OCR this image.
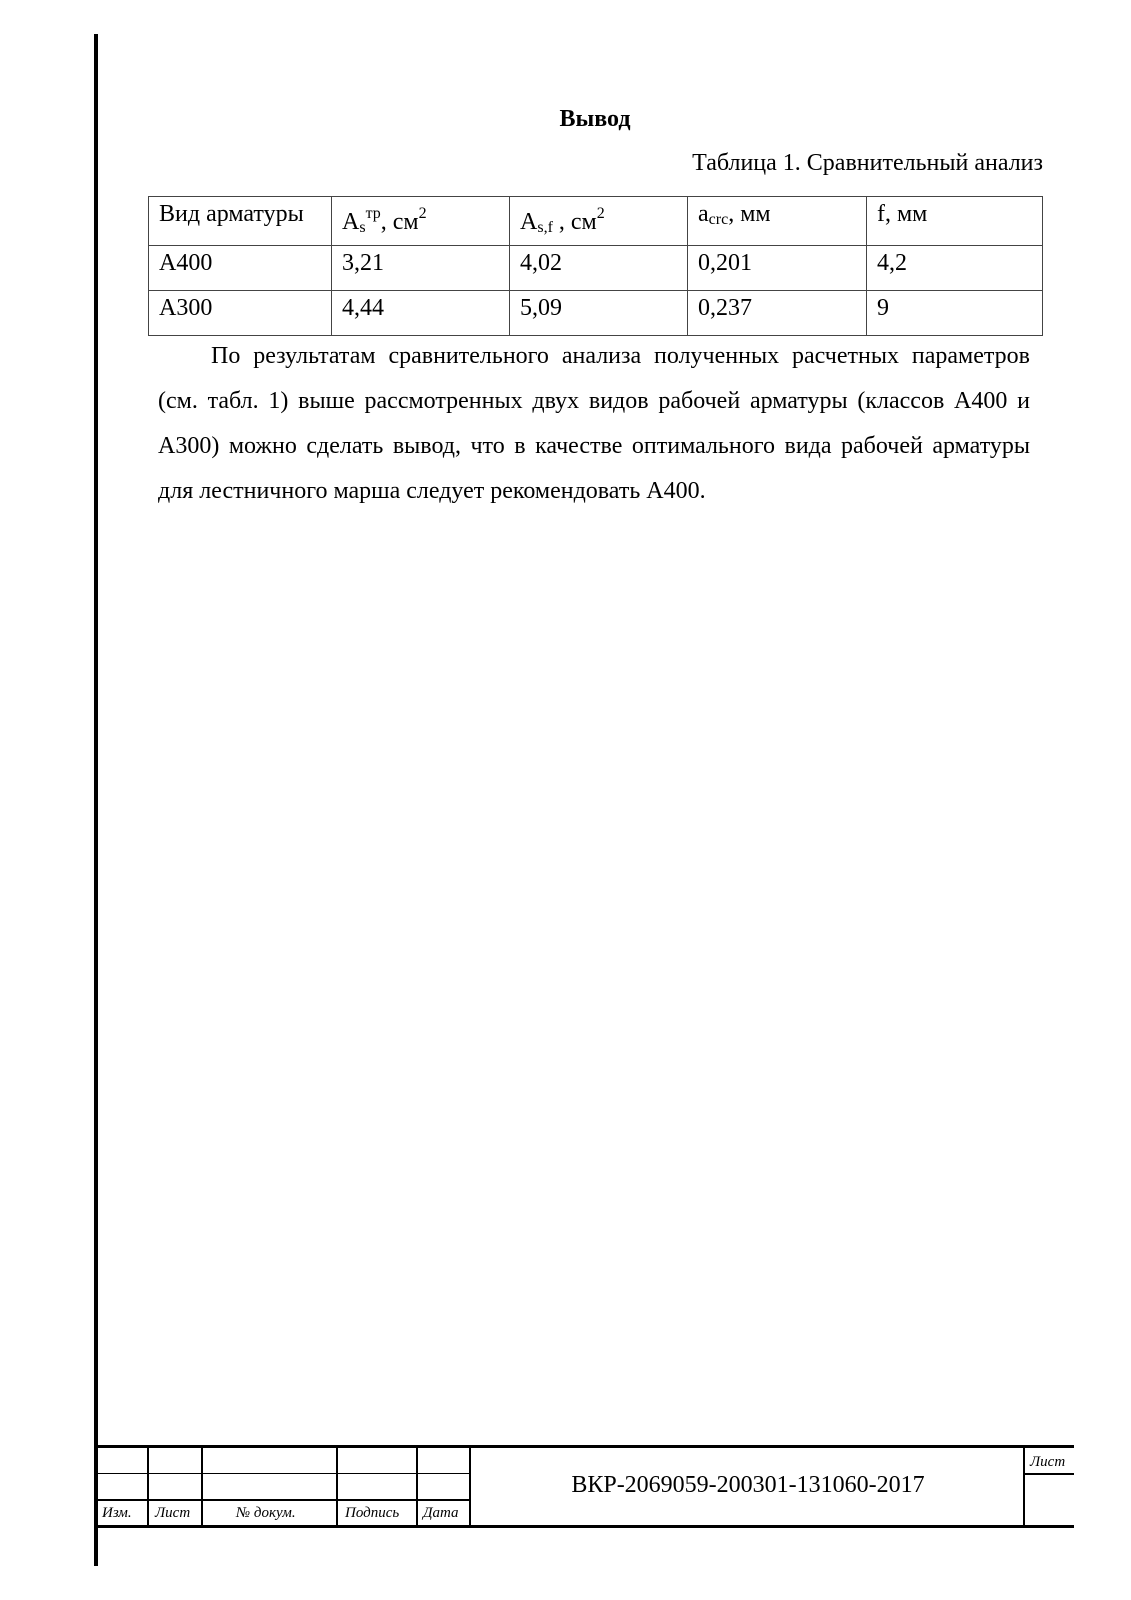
Вывод
Таблица 1. Сравнительный анализ
Вид арматуры	$A_s^{тр}$, $см^2$	$A_{s,f}$ , $см^2$	$a_{crc}$, мм	f, мм
A400	3,21	4,02	0,201	4,2
A300	4,44	5,09	0,237	9

По результатам сравнительного анализа полученных расчетных параметров (см. табл. 1) выше рассмотренных двух видов рабочей арматуры (классов А400 и А300) можно сделать вывод, что в качестве оптимального вида рабочей арматуры для лестничного марша следует рекомендовать А400.

Изм. Лист	№ докум.	Подпись Дата
ВКР-2069059-200301-131060-2017
Лист
